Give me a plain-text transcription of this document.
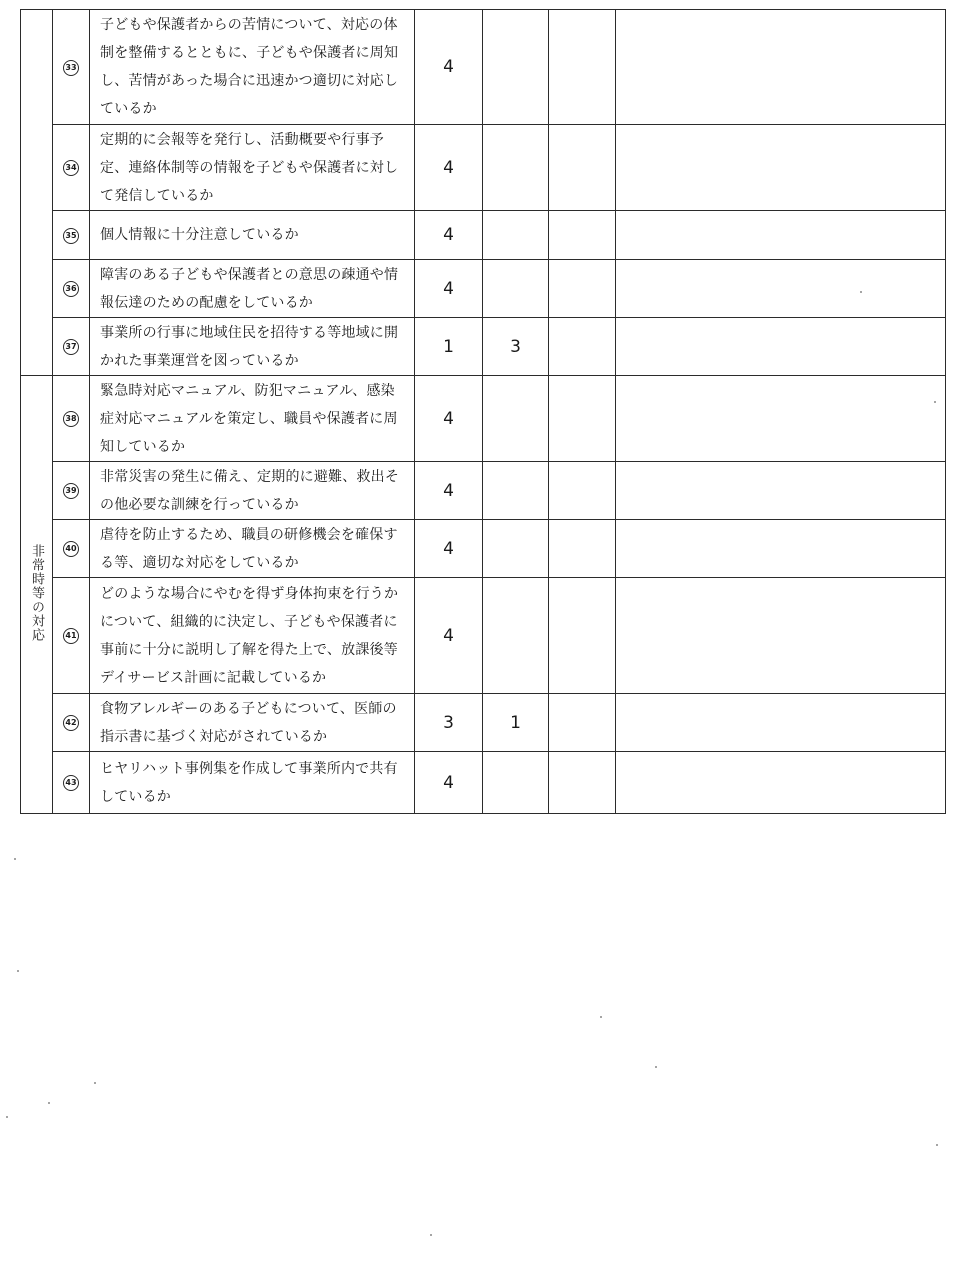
	33	子どもや保護者からの苦情について、対応の体制を整備するとともに、子どもや保護者に周知し、苦情があった場合に迅速かつ適切に対応しているか	4			
	34	定期的に会報等を発行し、活動概要や行事予定、連絡体制等の情報を子どもや保護者に対して発信しているか	4			
	35	個人情報に十分注意しているか	4			
	36	障害のある子どもや保護者との意思の疎通や情報伝達のための配慮をしているか	4			
	37	事業所の行事に地域住民を招待する等地域に開かれた事業運営を図っているか	1	3		
非常時等の対応	38	緊急時対応マニュアル、防犯マニュアル、感染症対応マニュアルを策定し、職員や保護者に周知しているか	4			
	39	非常災害の発生に備え、定期的に避難、救出その他必要な訓練を行っているか	4			
	40	虐待を防止するため、職員の研修機会を確保する等、適切な対応をしているか	4			
	41	どのような場合にやむを得ず身体拘束を行うかについて、組織的に決定し、子どもや保護者に事前に十分に説明し了解を得た上で、放課後等デイサービス計画に記載しているか	4			
	42	食物アレルギーのある子どもについて、医師の指示書に基づく対応がされているか	3	1		
	43	ヒヤリハット事例集を作成して事業所内で共有しているか	4			
